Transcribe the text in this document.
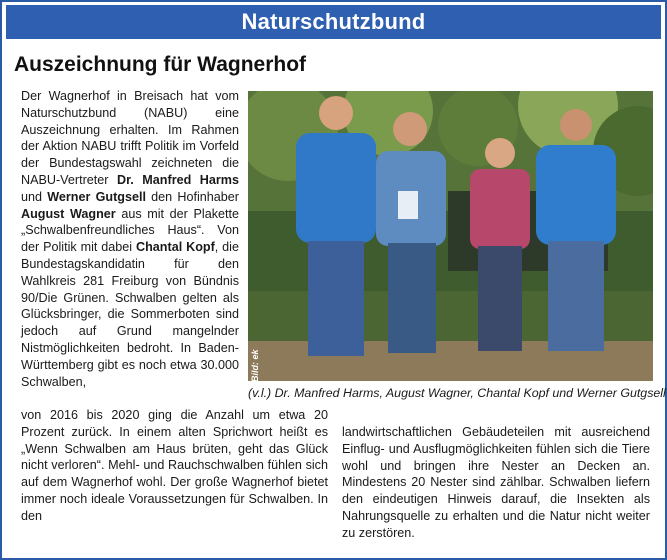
Naturschutzbund
Auszeichnung für Wagnerhof

Der Wagnerhof in Breisach hat vom Naturschutzbund (NABU) eine Auszeichnung erhalten. Im Rahmen der Aktion NABU trifft Politik im Vorfeld der Bundestagswahl zeichneten die NABU-Vertreter Dr. Manfred Harms und Werner Gutgsell den Hofinhaber August Wagner aus mit der Plakette „Schwalbenfreundliches Haus“. Von der Politik mit dabei Chantal Kopf, die Bundestagskandidatin für den Wahlkreis 281 Freiburg von Bündnis 90/Die Grünen. Schwalben gelten als Glücksbringer, die Sommerboten sind jedoch auf Grund mangelnder Nistmöglichkeiten bedroht. In Baden-Württemberg gibt es noch etwa 30.000 Schwalben,	Bild: ek
(v.l.) Dr. Manfred Harms, August Wagner, Chantal Kopf und Werner Gutgsell

von 2016 bis 2020 ging die Anzahl um etwa 20 Prozent zurück. In einem alten Sprichwort heißt es „Wenn Schwalben am Haus brüten, geht das Glück nicht verloren“. Mehl- und Rauchschwalben fühlen sich auf dem Wagnerhof wohl. Der große Wagnerhof bietet immer noch ideale Voraussetzungen für Schwalben. In den

landwirtschaftlichen Gebäudeteilen mit ausreichend Einflug- und Ausflugmöglichkeiten fühlen sich die Tiere wohl und bringen ihre Nester an Decken an. Mindestens 20 Nester sind zählbar. Schwalben liefern den eindeutigen Hinweis darauf, die Insekten als Nahrungsquelle zu erhalten und die Natur nicht weiter zu zerstören.
